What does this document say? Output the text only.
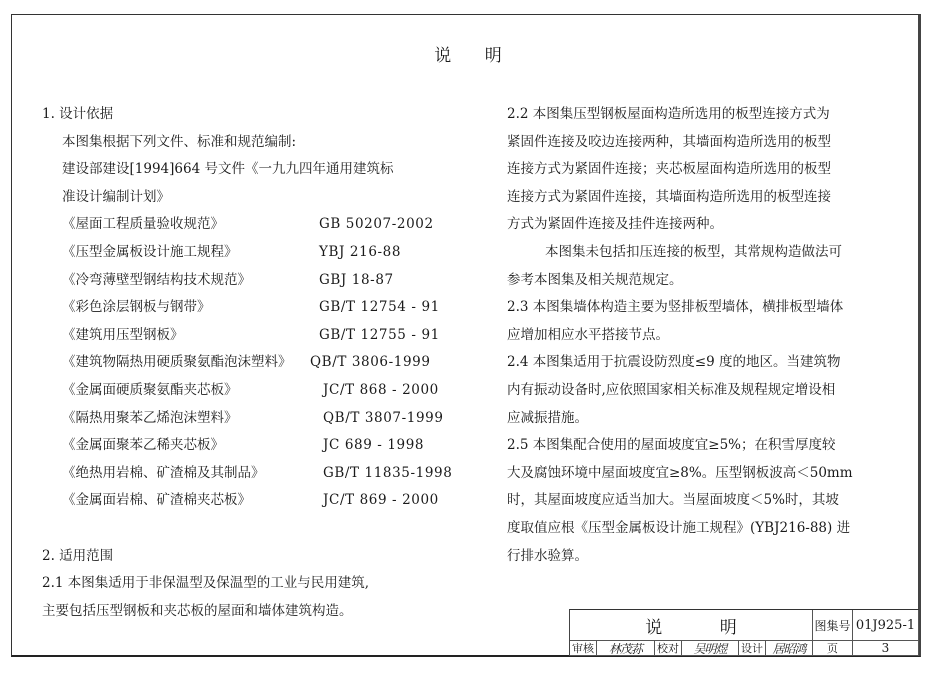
说 明
1. 设计依据
本图集根据下列文件、标准和规范编制:
建设部建设[1994]664 号文件《一九九四年通用建筑标
准设计编制计划》
《屋面工程质量验收规范》	GB 50207-2002
《压型金属板设计施工规程》	YBJ 216-88
《冷弯薄壁型钢结构技术规范》	GBJ 18-87
《彩色涂层钢板与钢带》	GB/T 12754 - 91
《建筑用压型钢板》	GB/T 12755 - 91
《建筑物隔热用硬质聚氨酯泡沫塑料》 QB/T 3806-1999
《金属面硬质聚氨酯夹芯板》	JC/T 868 - 2000
《隔热用聚苯乙烯泡沫塑料》	QB/T 3807-1999
《金属面聚苯乙稀夹芯板》	JC 689 - 1998
《绝热用岩棉、矿渣棉及其制品》	GB/T 11835-1998
《金属面岩棉、矿渣棉夹芯板》	JC/T 869 - 2000
2. 适用范围
2.1 本图集适用于非保温型及保温型的工业与民用建筑,
主要包括压型钢板和夹芯板的屋面和墙体建筑构造。
2.2 本图集压型钢板屋面构造所选用的板型连接方式为
紧固件连接及咬边连接两种，其墙面构造所选用的板型
连接方式为紧固件连接；夹芯板屋面构造所选用的板型
连接方式为紧固件连接，其墙面构造所选用的板型连接
方式为紧固件连接及挂件连接两种。
本图集未包括扣压连接的板型，其常规构造做法可
参考本图集及相关规范规定。
2.3 本图集墙体构造主要为竖排板型墙体，横排板型墙体
应增加相应水平搭接节点。
2.4 本图集适用于抗震设防烈度≤9 度的地区。当建筑物
内有振动设备时,应依照国家相关标准及规程规定增设相
应减振措施。
2.5 本图集配合使用的屋面坡度宜≥5%；在积雪厚度较
大及腐蚀环境中屋面坡度宜≥8%。压型钢板波高＜50mm
时，其屋面坡度应适当加大。当屋面坡度＜5%时，其坡
度取值应根《压型金属板设计施工规程》(YBJ216-88) 进
行排水验算。
说 明	图集号 01J925-1
审核	林茂荪	校对	吴明煜	设计 居昭鸿	页	3
